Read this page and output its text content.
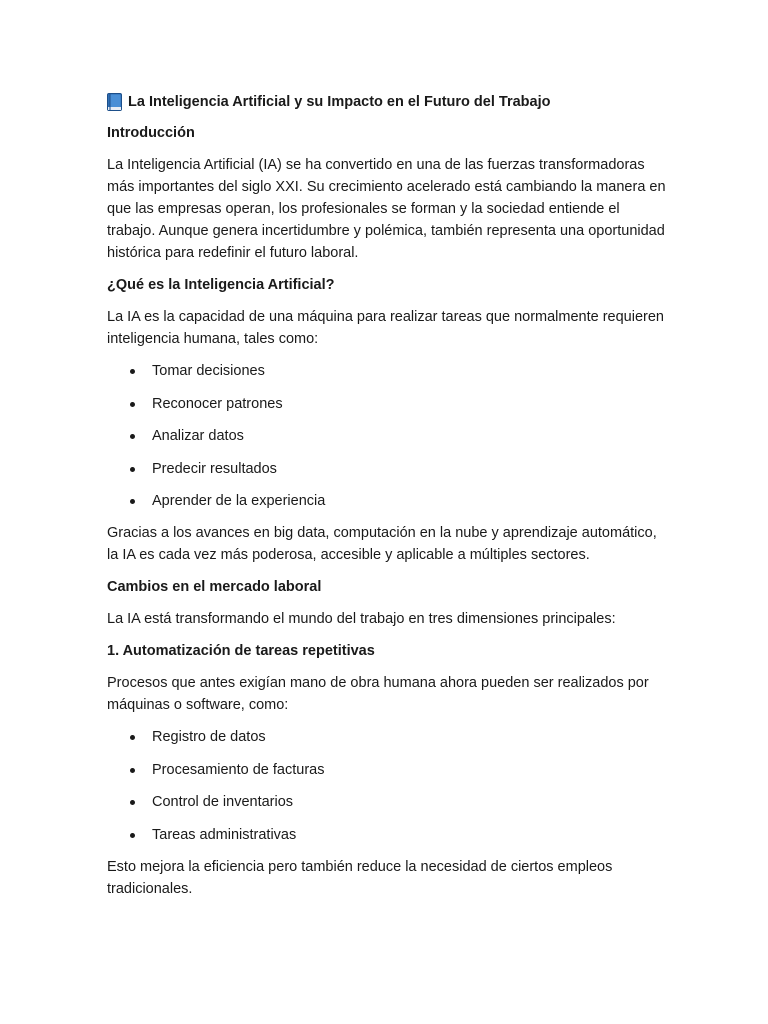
La Inteligencia Artificial y su Impacto en el Futuro del Trabajo
Introducción

La Inteligencia Artificial (IA) se ha convertido en una de las fuerzas transformadoras más importantes del siglo XXI. Su crecimiento acelerado está cambiando la manera en que las empresas operan, los profesionales se forman y la sociedad entiende el trabajo. Aunque genera incertidumbre y polémica, también representa una oportunidad histórica para redefinir el futuro laboral.

¿Qué es la Inteligencia Artificial?

La IA es la capacidad de una máquina para realizar tareas que normalmente requieren inteligencia humana, tales como:

Tomar decisiones
Reconocer patrones
Analizar datos
Predecir resultados
Aprender de la experiencia

Gracias a los avances en big data, computación en la nube y aprendizaje automático, la IA es cada vez más poderosa, accesible y aplicable a múltiples sectores.

Cambios en el mercado laboral

La IA está transformando el mundo del trabajo en tres dimensiones principales:

1. Automatización de tareas repetitivas

Procesos que antes exigían mano de obra humana ahora pueden ser realizados por máquinas o software, como:

Registro de datos
Procesamiento de facturas
Control de inventarios
Tareas administrativas

Esto mejora la eficiencia pero también reduce la necesidad de ciertos empleos tradicionales.
